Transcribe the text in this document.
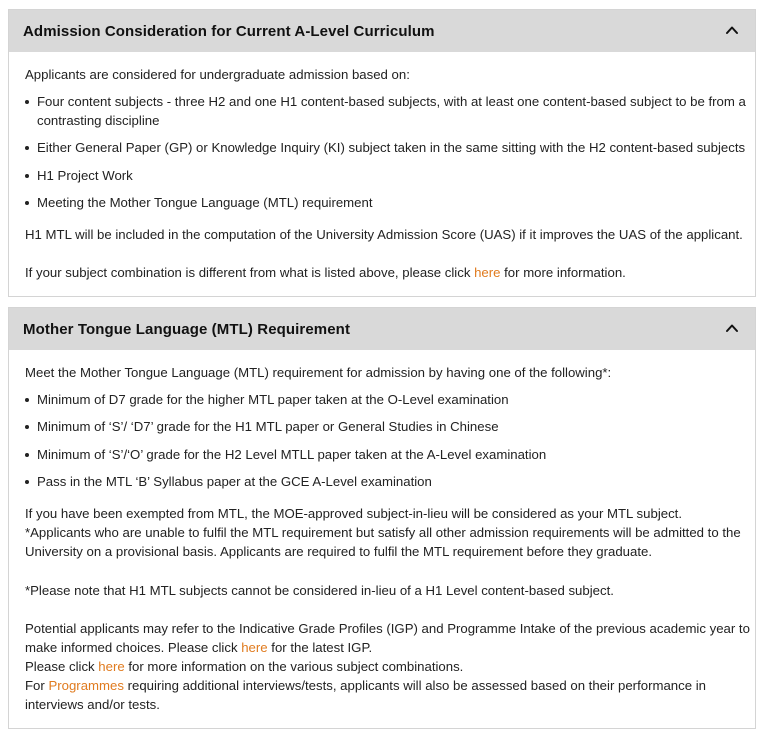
Admission Consideration for Current A-Level Curriculum
Applicants are considered for undergraduate admission based on:
Four content subjects - three H2 and one H1 content-based subjects, with at least one content-based subject to be from a
contrasting discipline
Either General Paper (GP) or Knowledge Inquiry (KI) subject taken in the same sitting with the H2 content-based subjects
H1 Project Work
Meeting the Mother Tongue Language (MTL) requirement
H1 MTL will be included in the computation of the University Admission Score (UAS) if it improves the UAS of the applicant.
If your subject combination is different from what is listed above, please click here for more information.
Mother Tongue Language (MTL) Requirement
Meet the Mother Tongue Language (MTL) requirement for admission by having one of the following*:
Minimum of D7 grade for the higher MTL paper taken at the O-Level examination
Minimum of ‘S’/ ‘D7’ grade for the H1 MTL paper or General Studies in Chinese
Minimum of ‘S’/‘O’ grade for the H2 Level MTLL paper taken at the A-Level examination
Pass in the MTL ‘B’ Syllabus paper at the GCE A-Level examination
If you have been exempted from MTL, the MOE-approved subject-in-lieu will be considered as your MTL subject.
*Applicants who are unable to fulfil the MTL requirement but satisfy all other admission requirements will be admitted to the
University on a provisional basis. Applicants are required to fulfil the MTL requirement before they graduate.
*Please note that H1 MTL subjects cannot be considered in-lieu of a H1 Level content-based subject.
Potential applicants may refer to the Indicative Grade Profiles (IGP) and Programme Intake of the previous academic year to
make informed choices. Please click here for the latest IGP.
Please click here for more information on the various subject combinations.
For Programmes requiring additional interviews/tests, applicants will also be assessed based on their performance in
interviews and/or tests.
